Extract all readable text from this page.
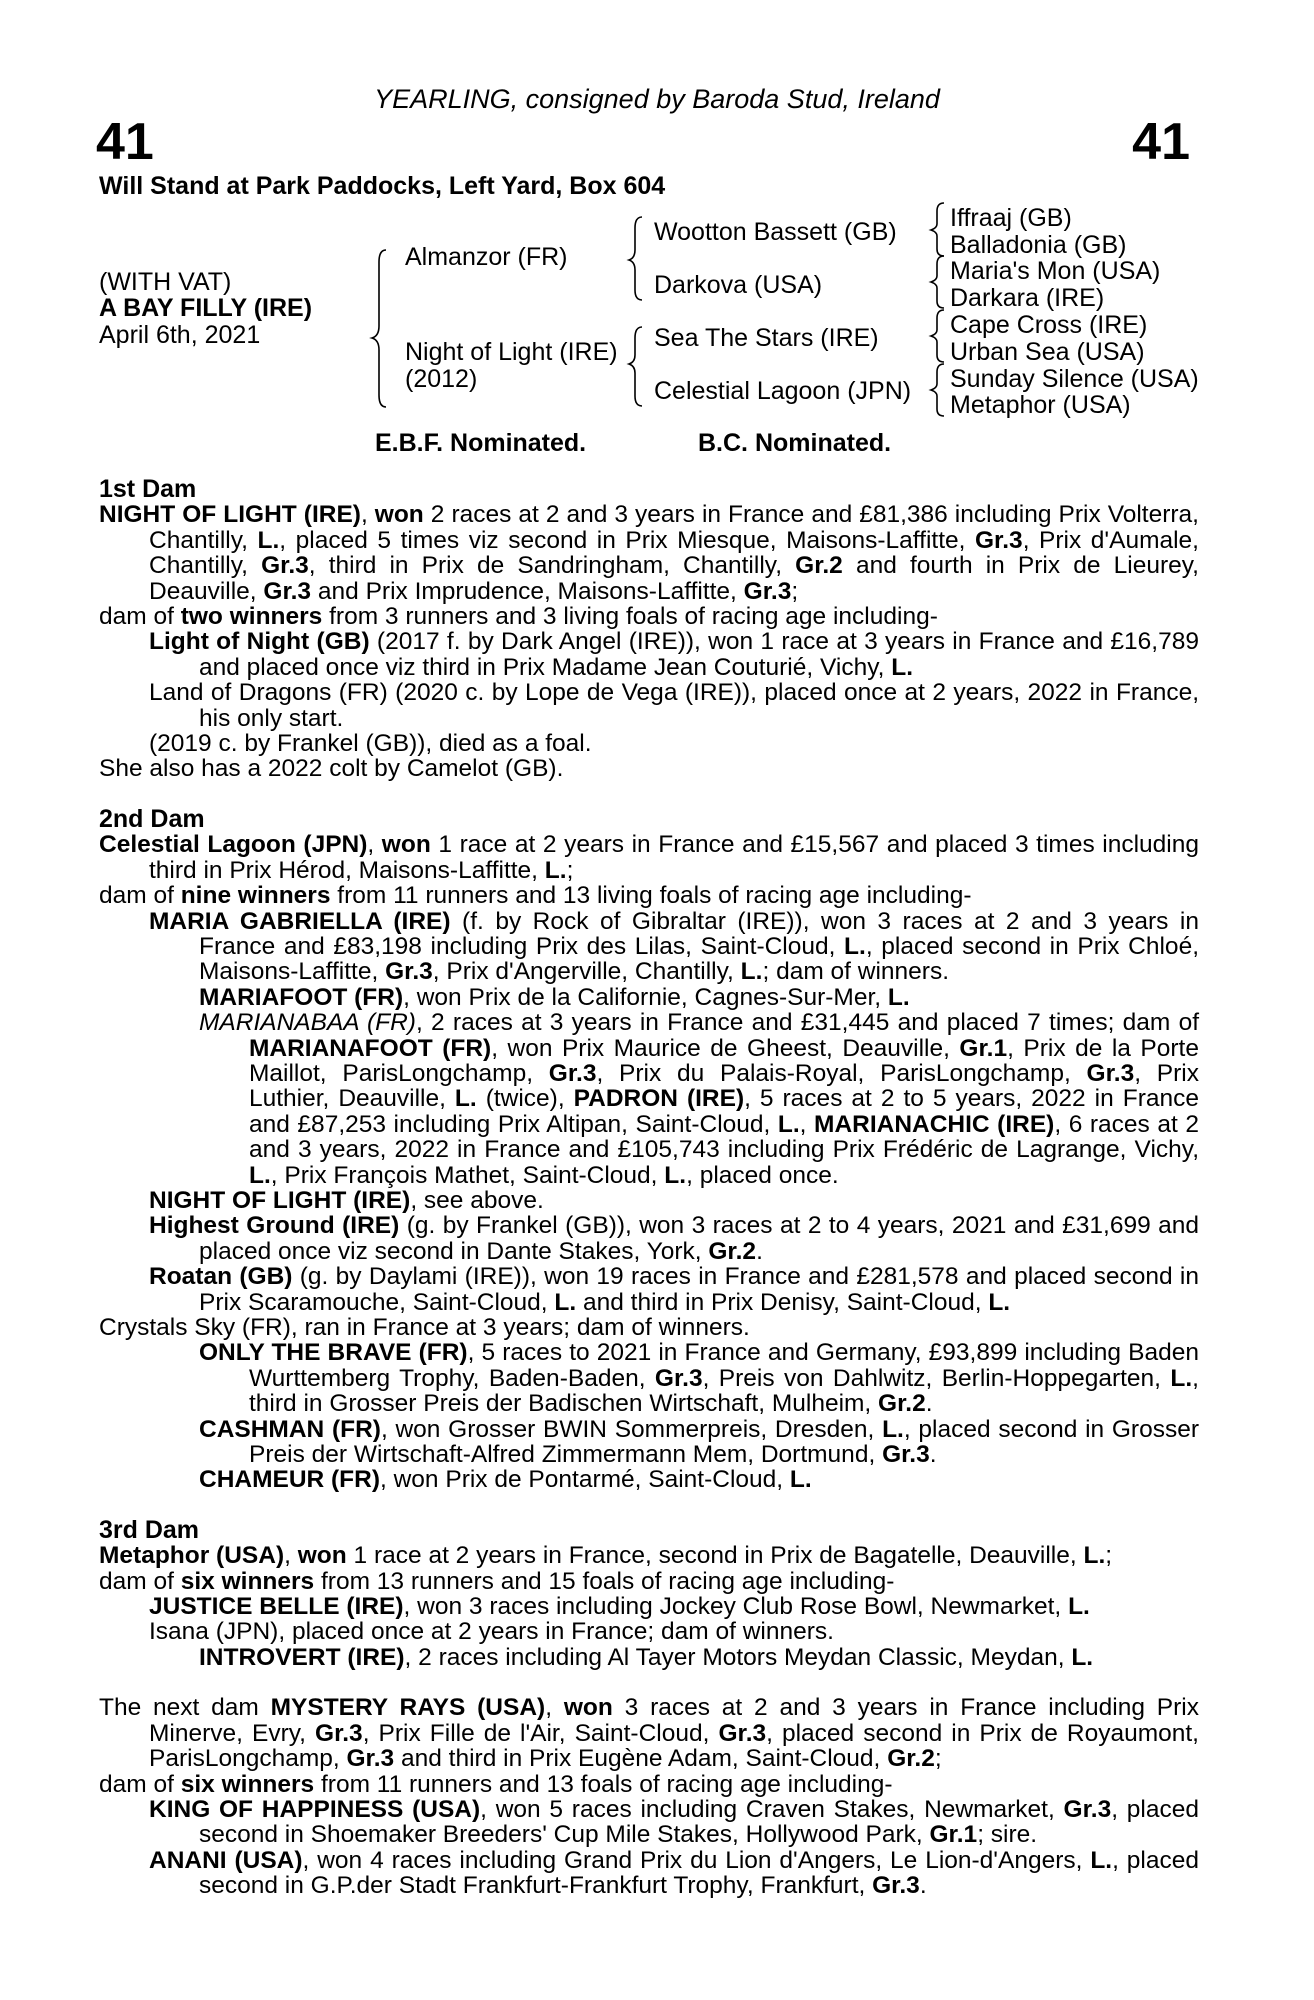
YEARLING, consigned by Baroda Stud, Ireland
41	41
Will Stand at Park Paddocks, Left Yard, Box 604
(WITH VAT)
A BAY FILLY (IRE)
April 6th, 2021
Almanzor (FR)
Night of Light (IRE)
(2012)
Wootton Bassett (GB)
Darkova (USA)
Sea The Stars (IRE)
Celestial Lagoon (JPN)
Iffraaj (GB)
Balladonia (GB)
Maria's Mon (USA)
Darkara (IRE)
Cape Cross (IRE)
Urban Sea (USA)
Sunday Silence (USA)
Metaphor (USA)
E.B.F. Nominated.	B.C. Nominated.
1st Dam

NIGHT OF LIGHT (IRE), won 2 races at 2 and 3 years in France and £81,386 including Prix Volterra, Chantilly, L., placed 5 times viz second in Prix Miesque, Maisons-Laffitte, Gr.3, Prix d'Aumale, Chantilly, Gr.3, third in Prix de Sandringham, Chantilly, Gr.2 and fourth in Prix de Lieurey, Deauville, Gr.3 and Prix Imprudence, Maisons-Laffitte, Gr.3;

dam of two winners from 3 runners and 3 living foals of racing age including-

Light of Night (GB) (2017 f. by Dark Angel (IRE)), won 1 race at 3 years in France and £16,789 and placed once viz third in Prix Madame Jean Couturié, Vichy, L.

Land of Dragons (FR) (2020 c. by Lope de Vega (IRE)), placed once at 2 years, 2022 in France, his only start.

(2019 c. by Frankel (GB)), died as a foal.

She also has a 2022 colt by Camelot (GB).

2nd Dam

Celestial Lagoon (JPN), won 1 race at 2 years in France and £15,567 and placed 3 times including third in Prix Hérod, Maisons-Laffitte, L.;

dam of nine winners from 11 runners and 13 living foals of racing age including-

MARIA GABRIELLA (IRE) (f. by Rock of Gibraltar (IRE)), won 3 races at 2 and 3 years in France and £83,198 including Prix des Lilas, Saint-Cloud, L., placed second in Prix Chloé, Maisons-Laffitte, Gr.3, Prix d'Angerville, Chantilly, L.; dam of winners.

MARIAFOOT (FR), won Prix de la Californie, Cagnes-Sur-Mer, L.

MARIANABAA (FR), 2 races at 3 years in France and £31,445 and placed 7 times; dam of MARIANAFOOT (FR), won Prix Maurice de Gheest, Deauville, Gr.1, Prix de la Porte Maillot, ParisLongchamp, Gr.3, Prix du Palais-Royal, ParisLongchamp, Gr.3, Prix Luthier, Deauville, L. (twice), PADRON (IRE), 5 races at 2 to 5 years, 2022 in France and £87,253 including Prix Altipan, Saint-Cloud, L., MARIANACHIC (IRE), 6 races at 2 and 3 years, 2022 in France and £105,743 including Prix Frédéric de Lagrange, Vichy, L., Prix François Mathet, Saint-Cloud, L., placed once.

NIGHT OF LIGHT (IRE), see above.

Highest Ground (IRE) (g. by Frankel (GB)), won 3 races at 2 to 4 years, 2021 and £31,699 and placed once viz second in Dante Stakes, York, Gr.2.

Roatan (GB) (g. by Daylami (IRE)), won 19 races in France and £281,578 and placed second in Prix Scaramouche, Saint-Cloud, L. and third in Prix Denisy, Saint-Cloud, L.

Crystals Sky (FR), ran in France at 3 years; dam of winners.

ONLY THE BRAVE (FR), 5 races to 2021 in France and Germany, £93,899 including Baden Wurttemberg Trophy, Baden-Baden, Gr.3, Preis von Dahlwitz, Berlin-Hoppegarten, L., third in Grosser Preis der Badischen Wirtschaft, Mulheim, Gr.2.

CASHMAN (FR), won Grosser BWIN Sommerpreis, Dresden, L., placed second in Grosser Preis der Wirtschaft-Alfred Zimmermann Mem, Dortmund, Gr.3.

CHAMEUR (FR), won Prix de Pontarmé, Saint-Cloud, L.

3rd Dam

Metaphor (USA), won 1 race at 2 years in France, second in Prix de Bagatelle, Deauville, L.;

dam of six winners from 13 runners and 15 foals of racing age including-

JUSTICE BELLE (IRE), won 3 races including Jockey Club Rose Bowl, Newmarket, L.

Isana (JPN), placed once at 2 years in France; dam of winners.

INTROVERT (IRE), 2 races including Al Tayer Motors Meydan Classic, Meydan, L.

The next dam MYSTERY RAYS (USA), won 3 races at 2 and 3 years in France including Prix Minerve, Evry, Gr.3, Prix Fille de l'Air, Saint-Cloud, Gr.3, placed second in Prix de Royaumont, ParisLongchamp, Gr.3 and third in Prix Eugène Adam, Saint-Cloud, Gr.2;

dam of six winners from 11 runners and 13 foals of racing age including-

KING OF HAPPINESS (USA), won 5 races including Craven Stakes, Newmarket, Gr.3, placed second in Shoemaker Breeders' Cup Mile Stakes, Hollywood Park, Gr.1; sire.

ANANI (USA), won 4 races including Grand Prix du Lion d'Angers, Le Lion-d'Angers, L., placed second in G.P.der Stadt Frankfurt-Frankfurt Trophy, Frankfurt, Gr.3.
